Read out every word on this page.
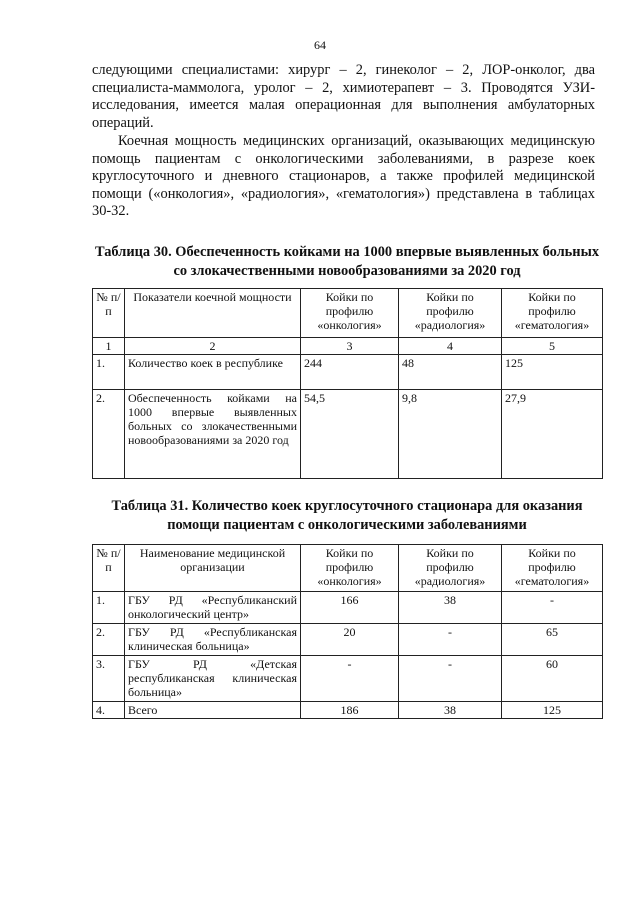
64
следующими специалистами: хирург – 2, гинеколог – 2, ЛОР-онколог, два специалиста-маммолога, уролог – 2, химиотерапевт – 3. Проводятся УЗИ-исследования, имеется малая операционная для выполнения амбулаторных операций.
Коечная мощность медицинских организаций, оказывающих медицинскую помощь пациентам с онкологическими заболеваниями, в разрезе коек круглосуточного и дневного стационаров, а также профилей медицинской помощи («онкология», «радиология», «гематология») представлена в таблицах 30-32.
Таблица 30. Обеспеченность койками на 1000 впервые выявленных больных со злокачественными новообразованиями за 2020 год
№ п/п	Показатели коечной мощности	Койки по профилю «онкология»	Койки по профилю «радиология»	Койки по профилю «гематология»
1	2	3	4	5
1.	Количество коек в республике	244	48	125
2.	Обеспеченность койками на 1000 впервые выявленных больных со злокачественными новообразованиями за 2020 год	54,5	9,8	27,9
Таблица 31. Количество коек круглосуточного стационара для оказания помощи пациентам с онкологическими заболеваниями
№ п/п	Наименование медицинской организации	Койки по профилю «онкология»	Койки по профилю «радиология»	Койки по профилю «гематология»
1.	ГБУ РД «Республиканский онкологический центр»	166	38	-
2.	ГБУ РД «Республиканская клиническая больница»	20	-	65
3.	ГБУ РД «Детская республиканская клиническая больница»	-	-	60
4.	Всего	186	38	125
